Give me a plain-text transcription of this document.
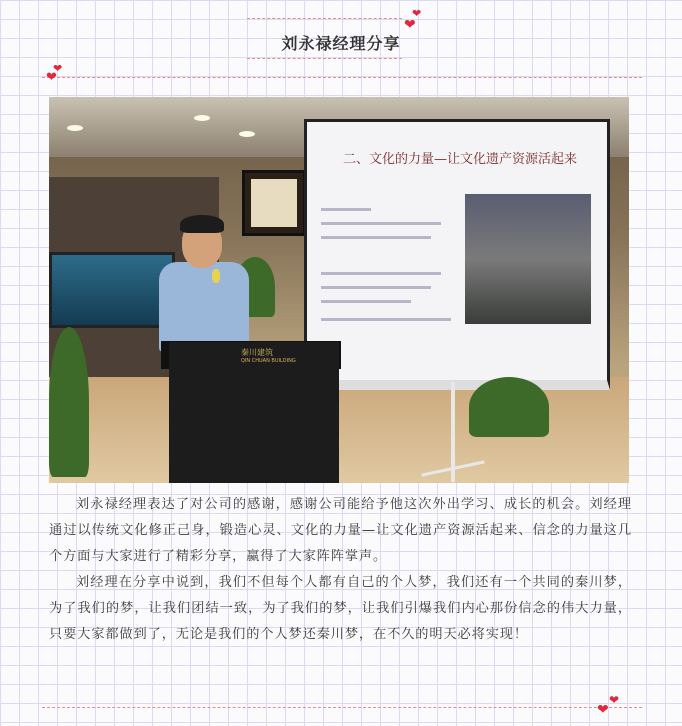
刘永禄经理分享
❤
❤
❤
❤
二、文化的力量—让文化遗产资源活起来
秦川建筑
QIN CHUAN BUILDING

刘永禄经理表达了对公司的感谢，感谢公司能给予他这次外出学习、成长的机会。刘经理通过以传统文化修正己身，锻造心灵、文化的力量—让文化遗产资源活起来、信念的力量这几个方面与大家进行了精彩分享，赢得了大家阵阵掌声。

刘经理在分享中说到，我们不但每个人都有自己的个人梦，我们还有一个共同的秦川梦，为了我们的梦，让我们团结一致，为了我们的梦，让我们引爆我们内心那份信念的伟大力量，只要大家都做到了，无论是我们的个人梦还秦川梦，在不久的明天必将实现！

❤
❤
